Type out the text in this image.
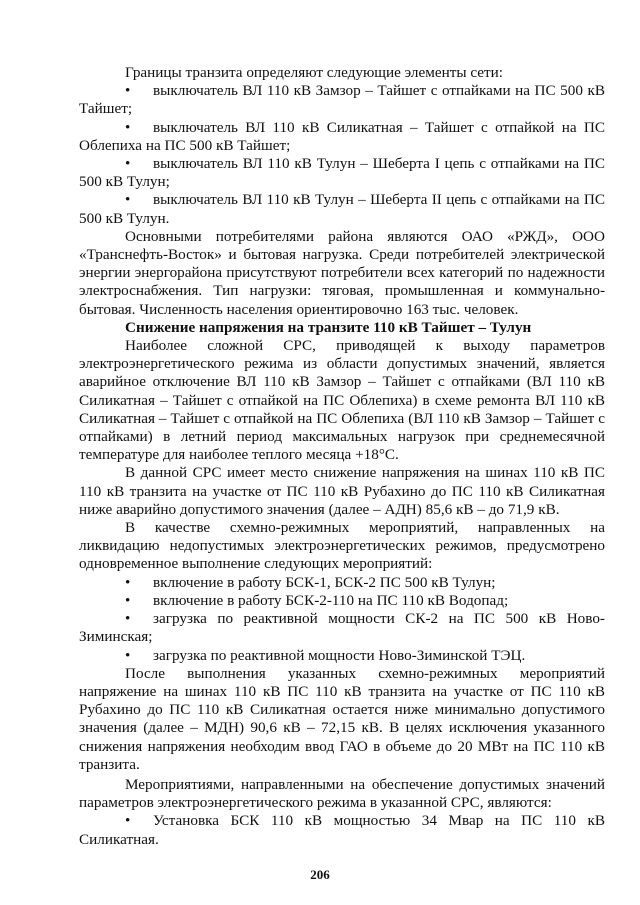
Границы транзита определяют следующие элементы сети:

• выключатель ВЛ 110 кВ Замзор – Тайшет с отпайками на ПС 500 кВ Тайшет;

• выключатель ВЛ 110 кВ Силикатная – Тайшет с отпайкой на ПС Облепиха на ПС 500 кВ Тайшет;

• выключатель ВЛ 110 кВ Тулун – Шеберта I цепь с отпайками на ПС 500 кВ Тулун;

• выключатель ВЛ 110 кВ Тулун – Шеберта II цепь с отпайками на ПС 500 кВ Тулун.

Основными потребителями района являются ОАО «РЖД», ООО «Транснефть-Восток» и бытовая нагрузка. Среди потребителей электрической энергии энергорайона присутствуют потребители всех категорий по надежности электроснабжения. Тип нагрузки: тяговая, промышленная и коммунально-бытовая. Численность населения ориентировочно 163 тыс. человек.

Снижение напряжения на транзите 110 кВ Тайшет – Тулун

Наиболее сложной СРС, приводящей к выходу параметров электроэнергетического режима из области допустимых значений, является аварийное отключение ВЛ 110 кВ Замзор – Тайшет с отпайками (ВЛ 110 кВ Силикатная – Тайшет с отпайкой на ПС Облепиха) в схеме ремонта ВЛ 110 кВ Силикатная – Тайшет с отпайкой на ПС Облепиха (ВЛ 110 кВ Замзор – Тайшет с отпайками) в летний период максимальных нагрузок при среднемесячной температуре для наиболее теплого месяца +18°С.

В данной СРС имеет место снижение напряжения на шинах 110 кВ ПС 110 кВ транзита на участке от ПС 110 кВ Рубахино до ПС 110 кВ Силикатная ниже аварийно допустимого значения (далее – АДН) 85,6 кВ – до 71,9 кВ.

В качестве схемно-режимных мероприятий, направленных на ликвидацию недопустимых электроэнергетических режимов, предусмотрено одновременное выполнение следующих мероприятий:

• включение в работу БСК-1, БСК-2 ПС 500 кВ Тулун;

• включение в работу БСК-2-110 на ПС 110 кВ Водопад;

• загрузка по реактивной мощности СК-2 на ПС 500 кВ Ново-Зиминская;

• загрузка по реактивной мощности Ново-Зиминской ТЭЦ.

После выполнения указанных схемно-режимных мероприятий напряжение на шинах 110 кВ ПС 110 кВ транзита на участке от ПС 110 кВ Рубахино до ПС 110 кВ Силикатная остается ниже минимально допустимого значения (далее – МДН) 90,6 кВ – 72,15 кВ. В целях исключения указанного снижения напряжения необходим ввод ГАО в объеме до 20 МВт на ПС 110 кВ транзита.

Мероприятиями, направленными на обеспечение допустимых значений параметров электроэнергетического режима в указанной СРС, являются:

• Установка БСК 110 кВ мощностью 34 Мвар на ПС 110 кВ Силикатная.

206
